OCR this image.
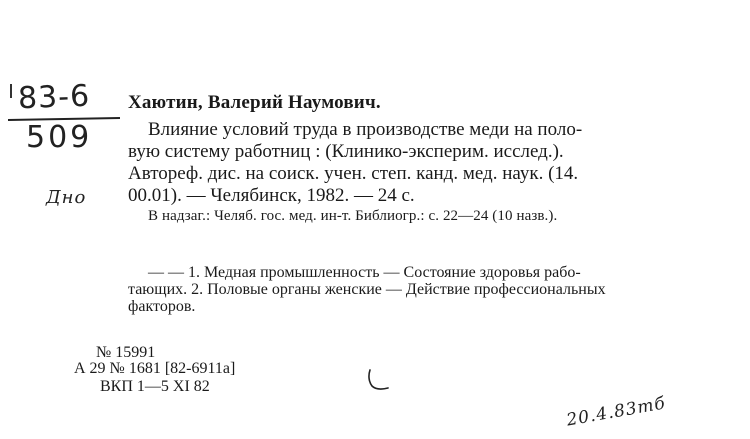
83-6
509
Дно
Хаютин, Валерий Наумович.
Влияние условий труда в производстве меди на поло-
вую систему работниц : (Клинико-эксперим. исслед.).
Автореф. дис. на соиск. учен. степ. канд. мед. наук. (14.
00.01). — Челябинск, 1982. — 24 с.
В надзаг.: Челяб. гос. мед. ин-т. Библиогр.: с. 22—24 (10 назв.).
— — 1. Медная промышленность — Состояние здоровья рабо-
тающих. 2. Половые органы женские — Действие профессиональных
факторов.
№ 15991
А 29 № 1681 [82-6911а]
ВКП 1—5 XI 82
20.4.83тб
